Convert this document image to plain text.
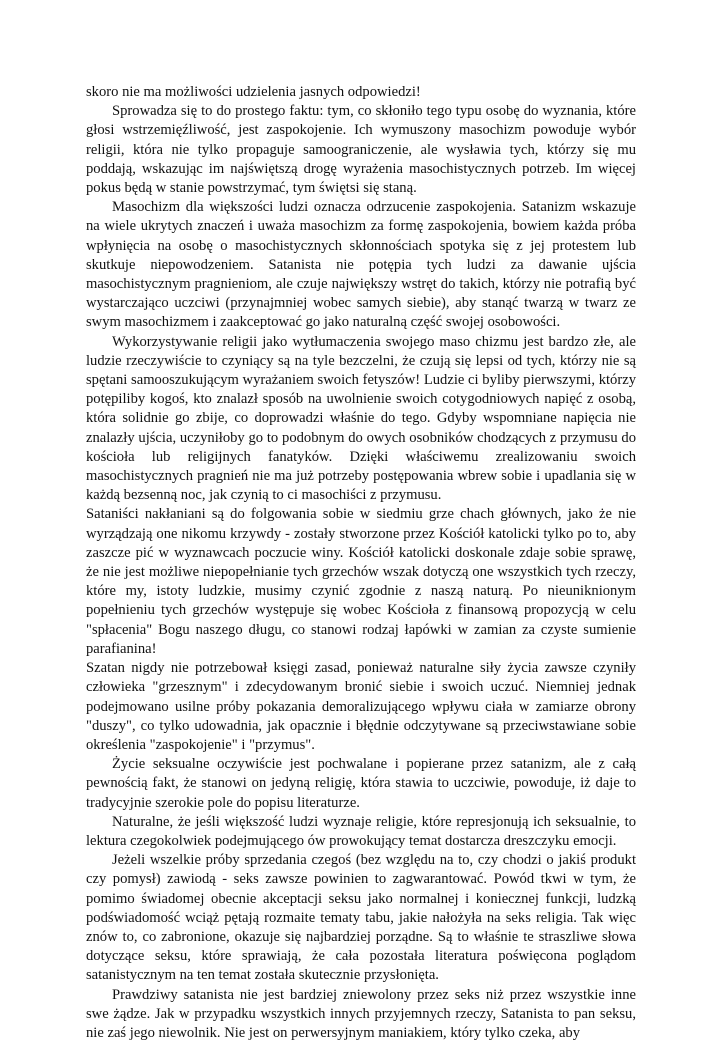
skoro nie ma możliwości udzielenia jasnych odpowiedzi!

Sprowadza się to do prostego faktu: tym, co skłoniło tego typu osobę do wyznania, które głosi wstrzemięźliwość, jest zaspokojenie. Ich wymuszony masochizm powoduje wybór religii, która nie tylko propaguje samoograniczenie, ale wysławia tych, którzy się mu poddają, wskazując im najświętszą drogę wyrażenia masochistycznych potrzeb. Im więcej pokus będą w stanie powstrzymać, tym świętsi się staną.

Masochizm dla większości ludzi oznacza odrzucenie zaspokojenia. Satanizm wskazuje na wiele ukrytych znaczeń i uważa masochizm za formę zaspokojenia, bowiem każda próba wpłynięcia na osobę o masochistycznych skłonnościach spotyka się z jej protestem lub skutkuje niepowodzeniem. Satanista nie potępia tych ludzi za dawanie ujścia masochistycznym pragnieniom, ale czuje największy wstręt do takich, którzy nie potrafią być wystarczająco uczciwi (przynajmniej wobec samych siebie), aby stanąć twarzą w twarz ze swym masochizmem i zaakceptować go jako naturalną część swojej osobowości.

Wykorzystywanie religii jako wytłumaczenia swojego maso chizmu jest bardzo złe, ale ludzie rzeczywiście to czyniący są na tyle bezczelni, że czują się lepsi od tych, którzy nie są spętani samooszukującym wyrażaniem swoich fetyszów! Ludzie ci byliby pierwszymi, którzy potępiliby kogoś, kto znalazł sposób na uwolnienie swoich cotygodniowych napięć z osobą, która solidnie go zbije, co doprowadzi właśnie do tego. Gdyby wspomniane napięcia nie znalazły ujścia, uczyniłoby go to podobnym do owych osobników chodzących z przymusu do kościoła lub religijnych fanatyków. Dzięki właściwemu zrealizowaniu swoich masochistycznych pragnień nie ma już potrzeby postępowania wbrew sobie i upadlania się w każdą bezsenną noc, jak czynią to ci masochiści z przymusu.

Sataniści nakłaniani są do folgowania sobie w siedmiu grze chach głównych, jako że nie wyrządzają one nikomu krzywdy - zostały stworzone przez Kościół katolicki tylko po to, aby zaszcze pić w wyznawcach poczucie winy. Kościół katolicki doskonale zdaje sobie sprawę, że nie jest możliwe niepopełnianie tych grzechów wszak dotyczą one wszystkich tych rzeczy, które my, istoty ludzkie, musimy czynić zgodnie z naszą naturą. Po nieuniknionym popełnieniu tych grzechów występuje się wobec Kościoła z finansową propozycją w celu "spłacenia" Bogu naszego długu, co stanowi rodzaj łapówki w zamian za czyste sumienie parafianina!

Szatan nigdy nie potrzebował księgi zasad, ponieważ naturalne siły życia zawsze czyniły człowieka "grzesznym" i zdecydowanym bronić siebie i swoich uczuć. Niemniej jednak podejmowano usilne próby pokazania demoralizującego wpływu ciała w zamiarze obrony "duszy", co tylko udowadnia, jak opacznie i błędnie odczytywane są przeciwstawiane sobie określenia "zaspokojenie" i "przymus".

Życie seksualne oczywiście jest pochwalane i popierane przez satanizm, ale z całą pewnością fakt, że stanowi on jedyną religię, która stawia to uczciwie, powoduje, iż daje to tradycyjnie szerokie pole do popisu literaturze.

Naturalne, że jeśli większość ludzi wyznaje religie, które represjonują ich seksualnie, to lektura czegokolwiek podejmującego ów prowokujący temat dostarcza dreszczyku emocji.

Jeżeli wszelkie próby sprzedania czegoś (bez względu na to, czy chodzi o jakiś produkt czy pomysł) zawiodą - seks zawsze powinien to zagwarantować. Powód tkwi w tym, że pomimo świadomej obecnie akceptacji seksu jako normalnej i koniecznej funkcji, ludzką podświadomość wciąż pętają rozmaite tematy tabu, jakie nałożyła na seks religia. Tak więc znów to, co zabronione, okazuje się najbardziej porządne. Są to właśnie te straszliwe słowa dotyczące seksu, które sprawiają, że cała pozostała literatura poświęcona poglądom satanistycznym na ten temat została skutecznie przysłonięta.

Prawdziwy satanista nie jest bardziej zniewolony przez seks niż przez wszystkie inne swe żądze. Jak w przypadku wszystkich innych przyjemnych rzeczy, Satanista to pan seksu, nie zaś jego niewolnik. Nie jest on perwersyjnym maniakiem, który tylko czeka, aby
